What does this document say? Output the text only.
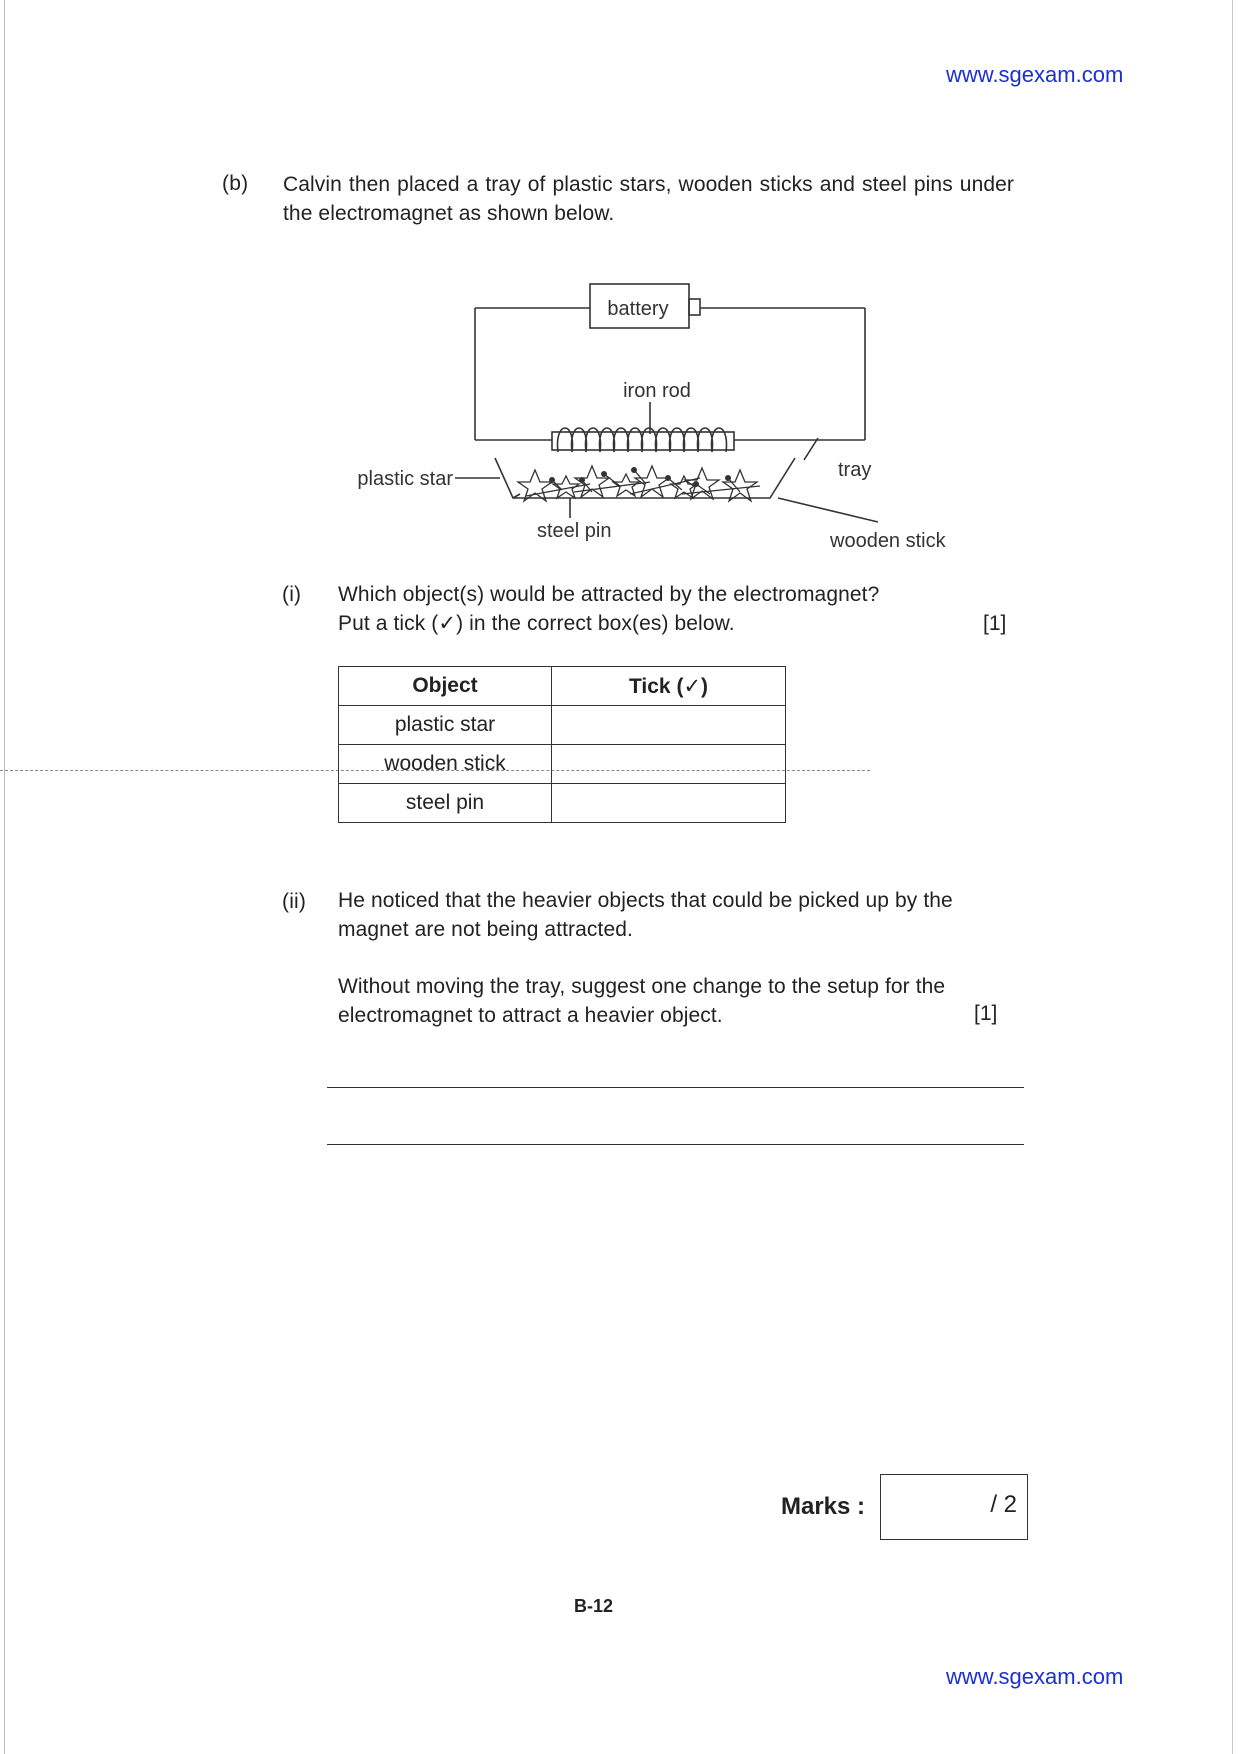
www.sgexam.com
(b) Calvin then placed a tray of plastic stars, wooden sticks and steel pins under the electromagnet as shown below.

battery
iron rod
plastic star	tray
steel pin	wooden stick
(i) Which object(s) would be attracted by the electromagnet?
Put a tick (✓) in the correct box(es) below.	[1]
Object	Tick (✓)
plastic star	
wooden stick	
steel pin	
(ii) He noticed that the heavier objects that could be picked up by the magnet are not being attracted.

Without moving the tray, suggest one change to the setup for the electromagnet to attract a heavier object.	[1]
Marks :	/ 2
B-12
www.sgexam.com
